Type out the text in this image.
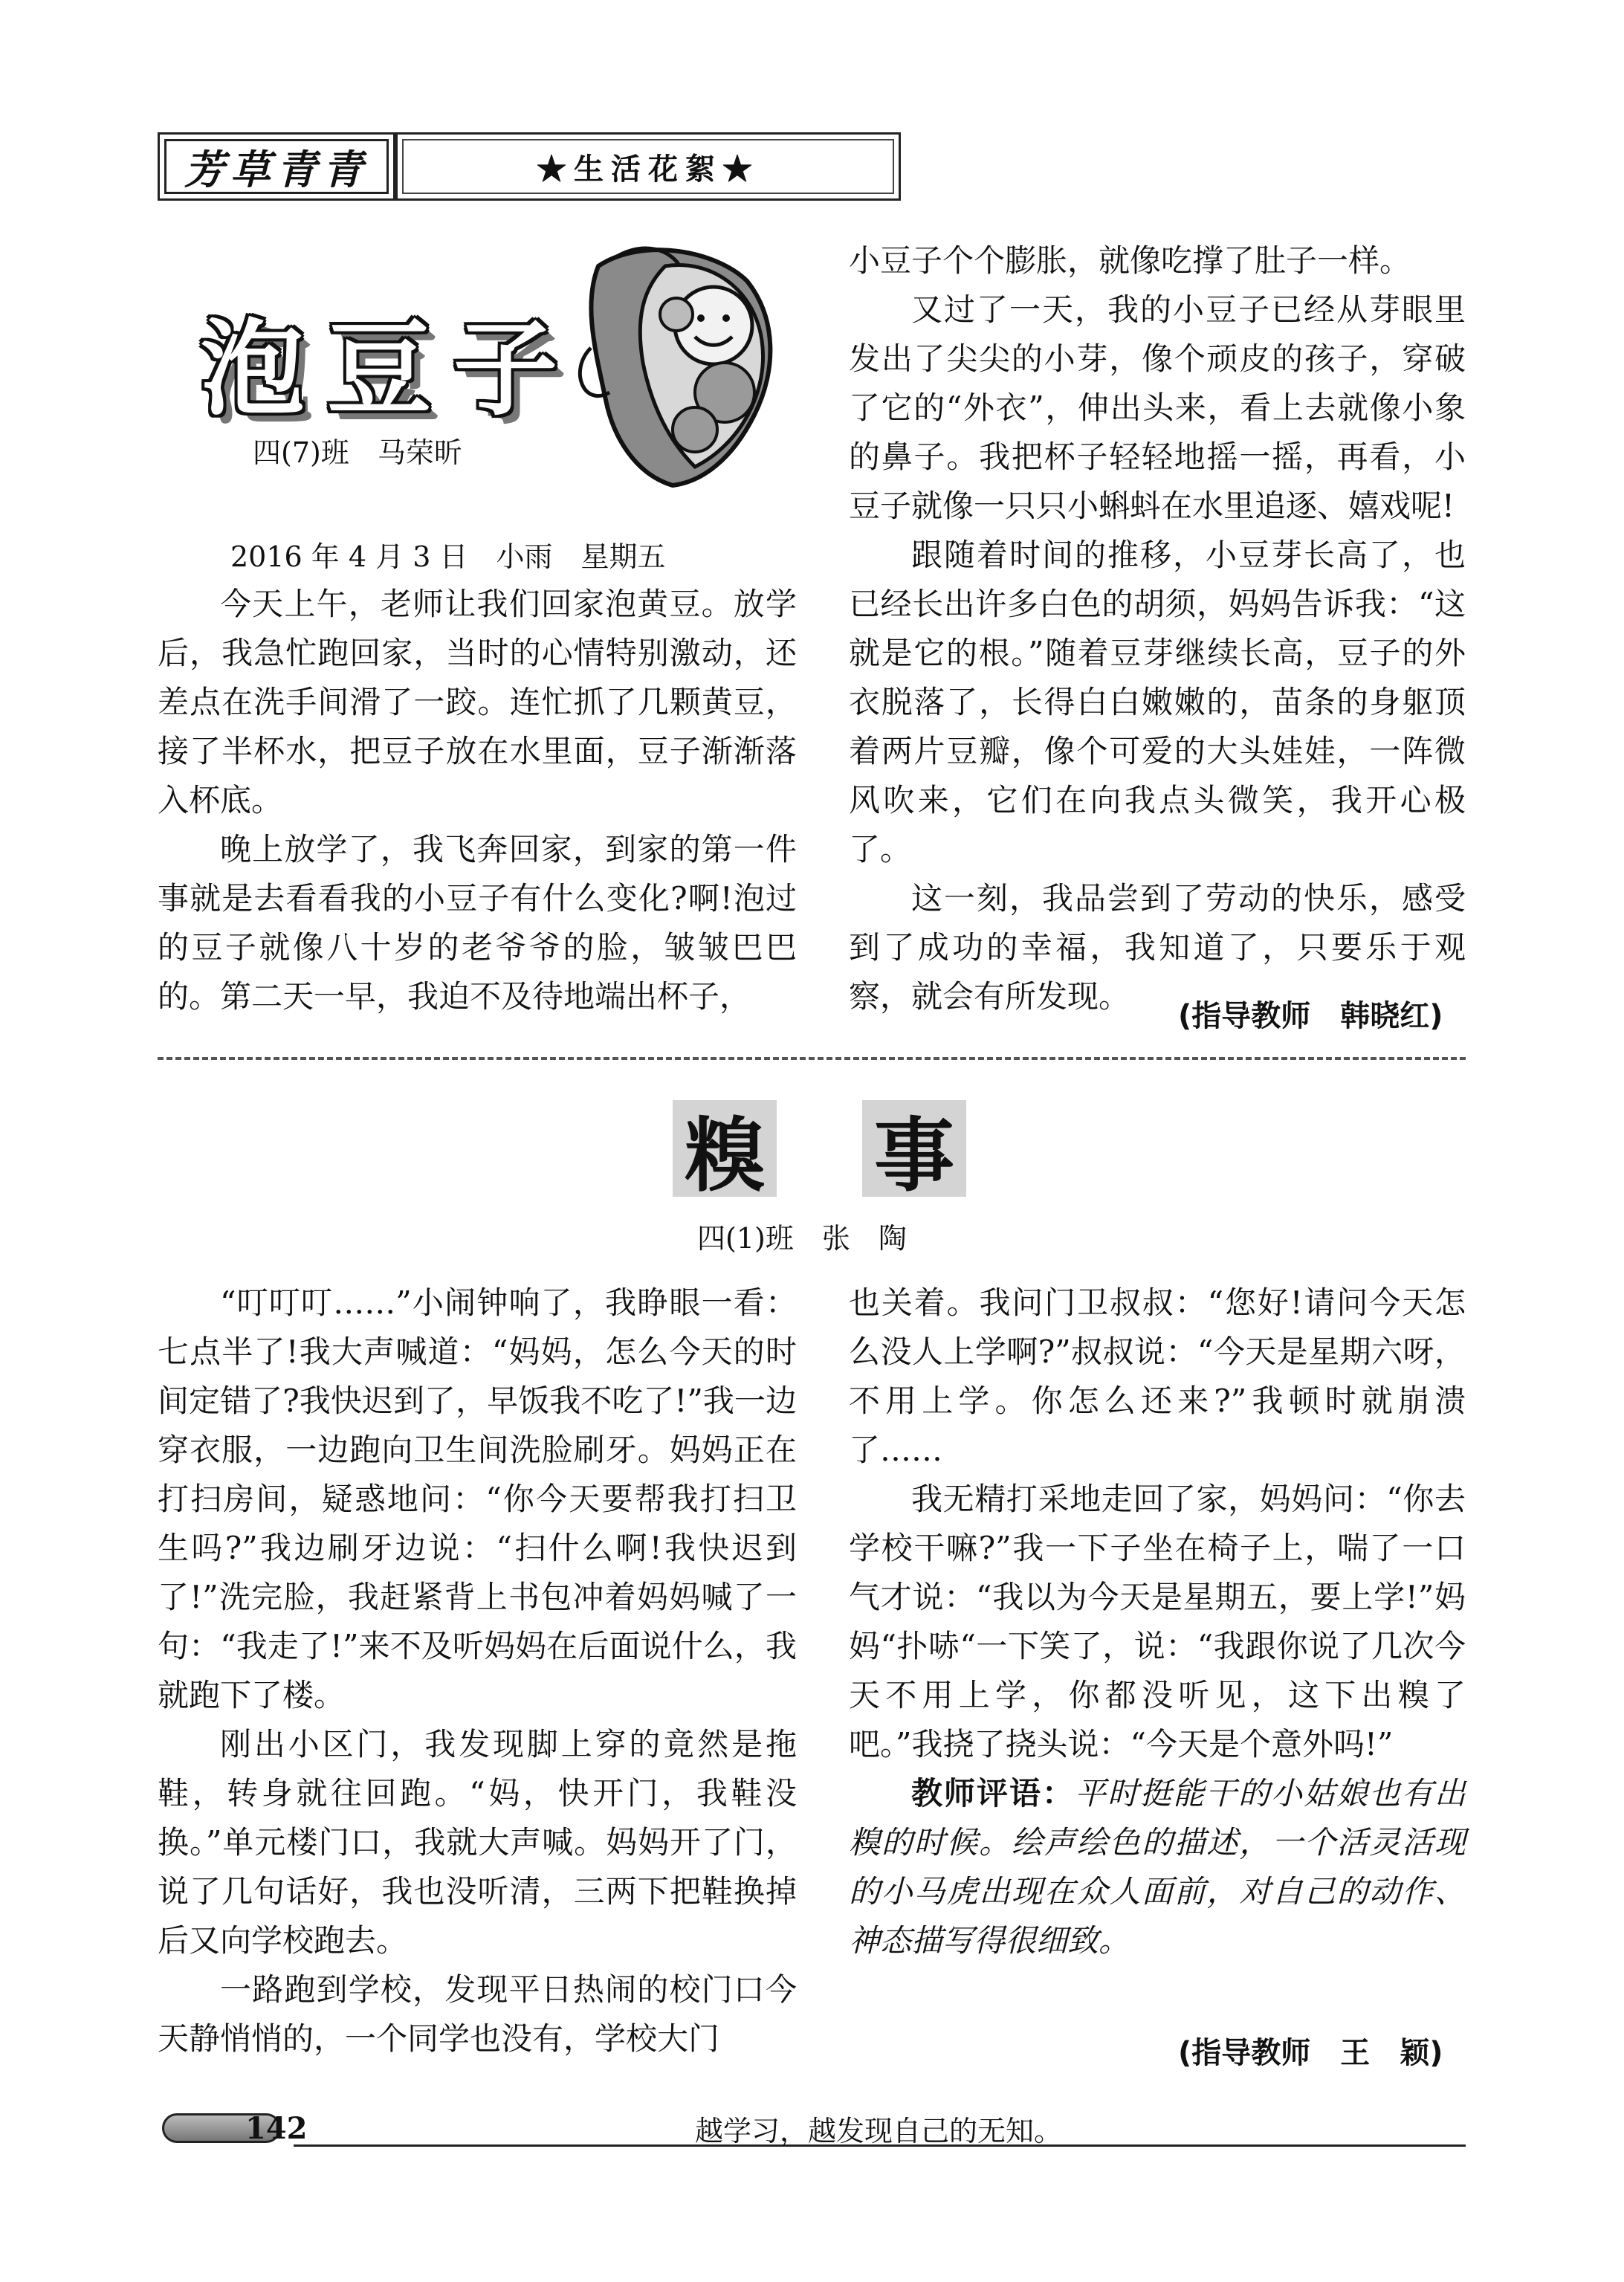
芳草青青	★生活花絮★
泡豆子
四(7)班　马荣昕
2016 年 4 月 3 日　小雨　星期五

今天上午，老师让我们回家泡黄豆。放学后，我急忙跑回家，当时的心情特别激动，还差点在洗手间滑了一跤。连忙抓了几颗黄豆，接了半杯水，把豆子放在水里面，豆子渐渐落入杯底。

晚上放学了，我飞奔回家，到家的第一件事就是去看看我的小豆子有什么变化?啊!泡过的豆子就像八十岁的老爷爷的脸，皱皱巴巴的。第二天一早，我迫不及待地端出杯子，

小豆子个个膨胀，就像吃撑了肚子一样。

又过了一天，我的小豆子已经从芽眼里发出了尖尖的小芽，像个顽皮的孩子，穿破了它的“外衣”，伸出头来，看上去就像小象的鼻子。我把杯子轻轻地摇一摇，再看，小豆子就像一只只小蝌蚪在水里追逐、嬉戏呢!

跟随着时间的推移，小豆芽长高了，也已经长出许多白色的胡须，妈妈告诉我：“这就是它的根。”随着豆芽继续长高，豆子的外衣脱落了，长得白白嫩嫩的，苗条的身躯顶着两片豆瓣，像个可爱的大头娃娃，一阵微风吹来，它们在向我点头微笑，我开心极了。

这一刻，我品尝到了劳动的快乐，感受到了成功的幸福，我知道了，只要乐于观察，就会有所发现。

(指导教师　韩晓红)
糗 事
四(1)班　张　陶

“叮叮叮……”小闹钟响了，我睁眼一看：七点半了!我大声喊道：“妈妈，怎么今天的时间定错了?我快迟到了，早饭我不吃了!”我一边穿衣服，一边跑向卫生间洗脸刷牙。妈妈正在打扫房间，疑惑地问：“你今天要帮我打扫卫生吗?”我边刷牙边说：“扫什么啊!我快迟到了!”洗完脸，我赶紧背上书包冲着妈妈喊了一句：“我走了!”来不及听妈妈在后面说什么，我就跑下了楼。

刚出小区门，我发现脚上穿的竟然是拖鞋，转身就往回跑。“妈，快开门，我鞋没换。”单元楼门口，我就大声喊。妈妈开了门，说了几句话好，我也没听清，三两下把鞋换掉后又向学校跑去。

一路跑到学校，发现平日热闹的校门口今天静悄悄的，一个同学也没有，学校大门

也关着。我问门卫叔叔：“您好!请问今天怎么没人上学啊?”叔叔说：“今天是星期六呀，不用上学。你怎么还来?”我顿时就崩溃了……

我无精打采地走回了家，妈妈问：“你去学校干嘛?”我一下子坐在椅子上，喘了一口气才说：“我以为今天是星期五，要上学!”妈妈“扑哧“一下笑了，说：“我跟你说了几次今天不用上学，你都没听见，这下出糗了吧。”我挠了挠头说：“今天是个意外吗!”

教师评语：平时挺能干的小姑娘也有出糗的时候。绘声绘色的描述，一个活灵活现的小马虎出现在众人面前，对自己的动作、神态描写得很细致。

(指导教师　王　颖)
142	越学习，越发现自己的无知。
